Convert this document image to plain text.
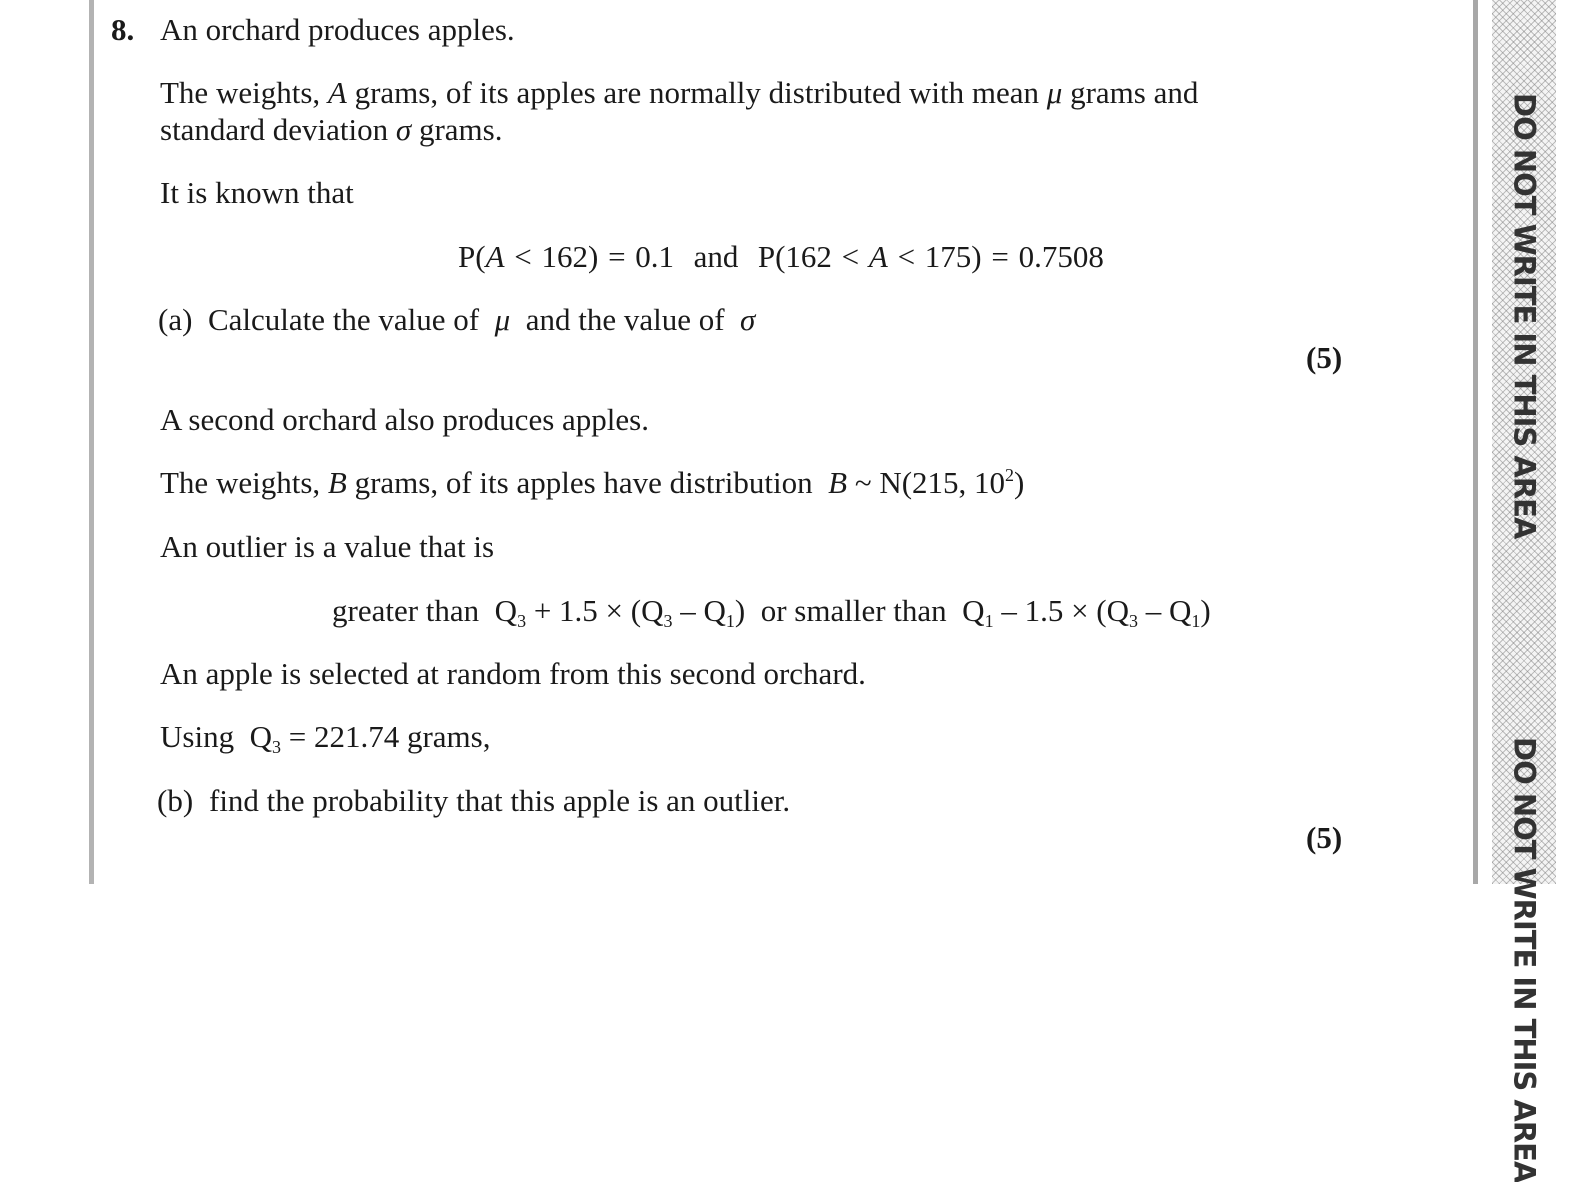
DO NOT WRITE IN THIS AREA
DO NOT WRITE IN THIS AREA
8. An orchard produces apples.
The weights, A grams, of its apples are normally distributed with mean μ grams and
standard deviation σ grams.
It is known that
P(A < 162) = 0.1 and P(162 < A < 175) = 0.7508
(a) Calculate the value of  μ  and the value of  σ
(5)
A second orchard also produces apples.
The weights, B grams, of its apples have distribution  B ~ N(215, $10^2$)
An outlier is a value that is
greater than $Q_3 + 1.5 \times (Q_3 - Q_1)$ or smaller than $Q_1 - 1.5 \times (Q_3 - Q_1)$
An apple is selected at random from this second orchard.
Using $Q_3 = 221.74$ grams,
(b) find the probability that this apple is an outlier.
(5)
